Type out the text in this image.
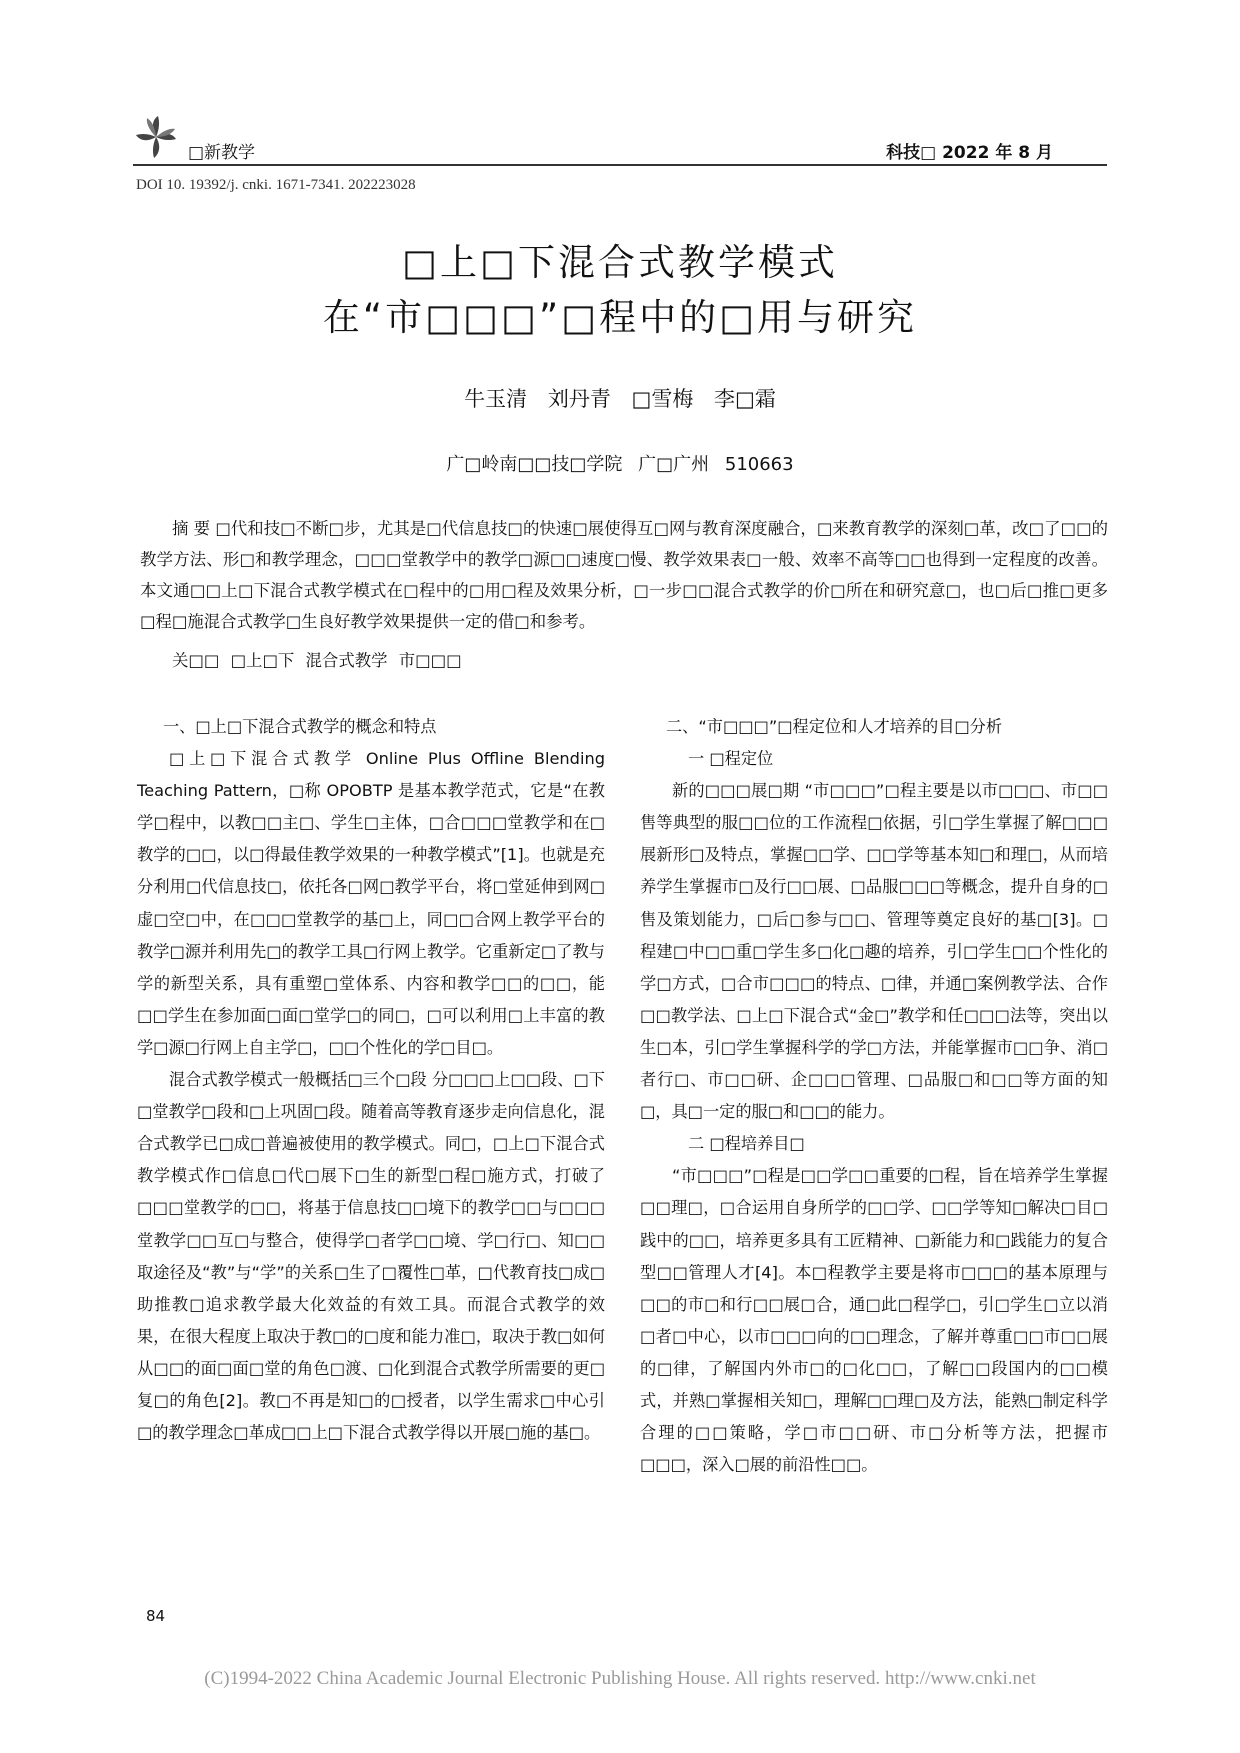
□新教学	科技□ 2022 年 8 月
DOI 10. 19392/j. cnki. 1671-7341. 202223028
□上□下混合式教学模式
在“市□□□”□程中的□用与研究
牛玉清 刘丹青 □雪梅 李□霜
广□岭南□□技□学院 广□广州 510663

摘 要 □代和技□不断□步，尤其是□代信息技□的快速□展使得互□网与教育深度融合，□来教育教学的深刻□革，改□了□□的教学方法、形□和教学理念，□□□堂教学中的教学□源□□速度□慢、教学效果表□一般、效率不高等□□也得到一定程度的改善。本文通□□上□下混合式教学模式在□程中的□用□程及效果分析，□一步□□混合式教学的价□所在和研究意□，也□后□推□更多□程□施混合式教学□生良好教学效果提供一定的借□和参考。

关□□ □上□下 混合式教学 市□□□
一、□上□下混合式教学的概念和特点

□上□下混合式教学 Online Plus Offline Blending Teaching Pattern，□称 OPOBTP 是基本教学范式，它是“在教学□程中，以教□□主□、学生□主体，□合□□□堂教学和在□教学的□□，以□得最佳教学效果的一种教学模式”[1]。也就是充分利用□代信息技□，依托各□网□教学平台，将□堂延伸到网□虚□空□中，在□□□堂教学的基□上，同□□合网上教学平台的教学□源并利用先□的教学工具□行网上教学。它重新定□了教与学的新型关系，具有重塑□堂体系、内容和教学□□的□□，能□□学生在参加面□面□堂学□的同□，□可以利用□上丰富的教学□源□行网上自主学□，□□个性化的学□目□。

混合式教学模式一般概括□三个□段 分□□□上□□段、□下□堂教学□段和□上巩固□段。随着高等教育逐步走向信息化，混合式教学已□成□普遍被使用的教学模式。同□，□上□下混合式教学模式作□信息□代□展下□生的新型□程□施方式，打破了□□□堂教学的□□，将基于信息技□□境下的教学□□与□□□堂教学□□互□与整合，使得学□者学□□境、学□行□、知□□取途径及“教”与“学”的关系□生了□覆性□革，□代教育技□成□助推教□追求教学最大化效益的有效工具。而混合式教学的效果，在很大程度上取决于教□的□度和能力准□，取决于教□如何从□□的面□面□堂的角色□渡、□化到混合式教学所需要的更□复□的角色[2]。教□不再是知□的□授者，以学生需求□中心引□的教学理念□革成□□上□下混合式教学得以开展□施的基□。

二、“市□□□”□程定位和人才培养的目□分析
一 □程定位

新的□□□展□期 “市□□□”□程主要是以市□□□、市□□售等典型的服□□位的工作流程□依据，引□学生掌握了解□□□展新形□及特点，掌握□□学、□□学等基本知□和理□，从而培养学生掌握市□及行□□展、□品服□□□等概念，提升自身的□售及策划能力，□后□参与□□、管理等奠定良好的基□[3]。□程建□中□□重□学生多□化□趣的培养，引□学生□□个性化的学□方式，□合市□□□的特点、□律，并通□案例教学法、合作□□教学法、□上□下混合式“金□”教学和任□□□法等，突出以生□本，引□学生掌握科学的学□方法，并能掌握市□□争、消□者行□、市□□研、企□□□管理、□品服□和□□等方面的知□，具□一定的服□和□□的能力。

二 □程培养目□

“市□□□”□程是□□学□□重要的□程，旨在培养学生掌握□□理□，□合运用自身所学的□□学、□□学等知□解决□目□践中的□□，培养更多具有工匠精神、□新能力和□践能力的复合型□□管理人才[4]。本□程教学主要是将市□□□的基本原理与□□的市□和行□□展□合，通□此□程学□，引□学生□立以消□者□中心，以市□□□向的□□理念，了解并尊重□□市□□展的□律，了解国内外市□的□化□□，了解□□段国内的□□模式，并熟□掌握相关知□，理解□□理□及方法，能熟□制定科学合理的□□策略，学□市□□研、市□分析等方法，把握市□□□，深入□展的前沿性□□。

84
(C)1994-2022 China Academic Journal Electronic Publishing House. All rights reserved. http://www.cnki.net
